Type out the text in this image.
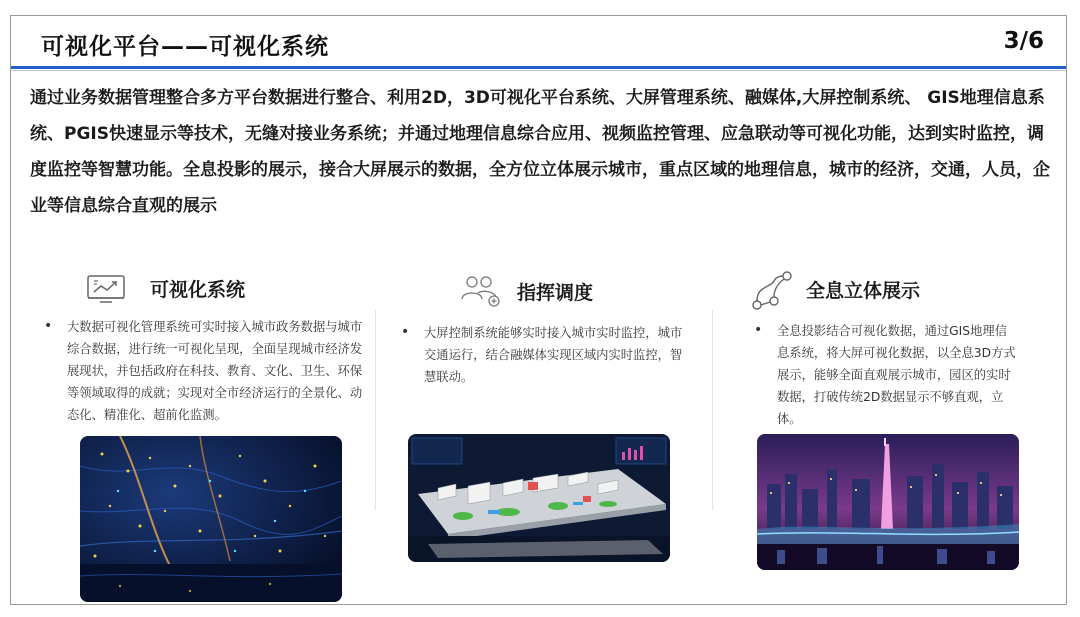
可视化平台——可视化系统	3/6
通过业务数据管理整合多方平台数据进行整合、利用2D，3D可视化平台系统、大屏管理系统、融媒体,大屏控制系统、 GIS地理信息系统、PGIS快速显示等技术，无缝对接业务系统；并通过地理信息综合应用、视频监控管理、应急联动等可视化功能，达到实时监控，调度监控等智慧功能。全息投影的展示，接合大屏展示的数据，全方位立体展示城市，重点区域的地理信息，城市的经济，交通，人员，企业等信息综合直观的展示
可视化系统
• 大数据可视化管理系统可实时接入城市政务数据与城市综合数据，进行统一可视化呈现，全面呈现城市经济发展现状，并包括政府在科技、教育、文化、卫生、环保等领域取得的成就；实现对全市经济运行的全景化、动态化、精准化、超前化监测。
指挥调度
• 大屏控制系统能够实时接入城市实时监控，城市交通运行，结合融媒体实现区域内实时监控，智慧联动。
全息立体展示
• 全息投影结合可视化数据，通过GIS地理信息系统，将大屏可视化数据，以全息3D方式展示，能够全面直观展示城市，园区的实时数据，打破传统2D数据显示不够直观，立体。
